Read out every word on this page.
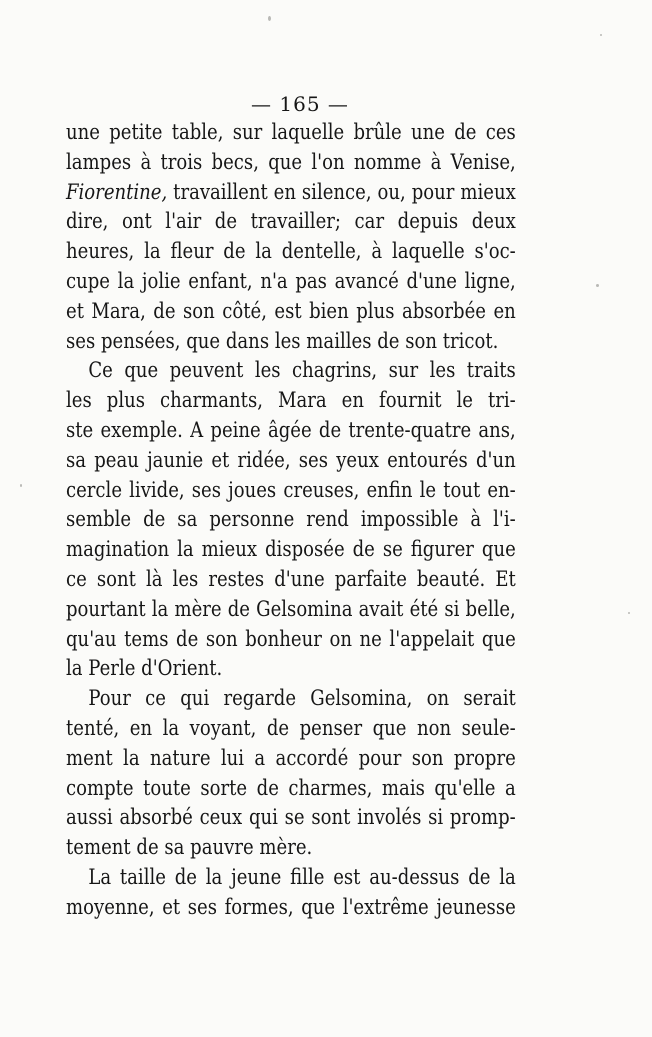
— 165 —
une petite table, sur laquelle brûle une de ces
lampes à trois becs, que l'on nomme à Venise,
Fiorentine, travaillent en silence, ou, pour mieux
dire, ont l'air de travailler; car depuis deux
heures, la fleur de la dentelle, à laquelle s'oc-
cupe la jolie enfant, n'a pas avancé d'une ligne,
et Mara, de son côté, est bien plus absorbée en
ses pensées, que dans les mailles de son tricot.
Ce que peuvent les chagrins, sur les traits
les plus charmants, Mara en fournit le tri-
ste exemple. A peine âgée de trente-quatre ans,
sa peau jaunie et ridée, ses yeux entourés d'un
cercle livide, ses joues creuses, enfin le tout en-
semble de sa personne rend impossible à l'i-
magination la mieux disposée de se figurer que
ce sont là les restes d'une parfaite beauté. Et
pourtant la mère de Gelsomina avait été si belle,
qu'au tems de son bonheur on ne l'appelait que
la Perle d'Orient.
Pour ce qui regarde Gelsomina, on serait
tenté, en la voyant, de penser que non seule-
ment la nature lui a accordé pour son propre
compte toute sorte de charmes, mais qu'elle a
aussi absorbé ceux qui se sont involés si promp-
tement de sa pauvre mère.
La taille de la jeune fille est au-dessus de la
moyenne, et ses formes, que l'extrême jeunesse
